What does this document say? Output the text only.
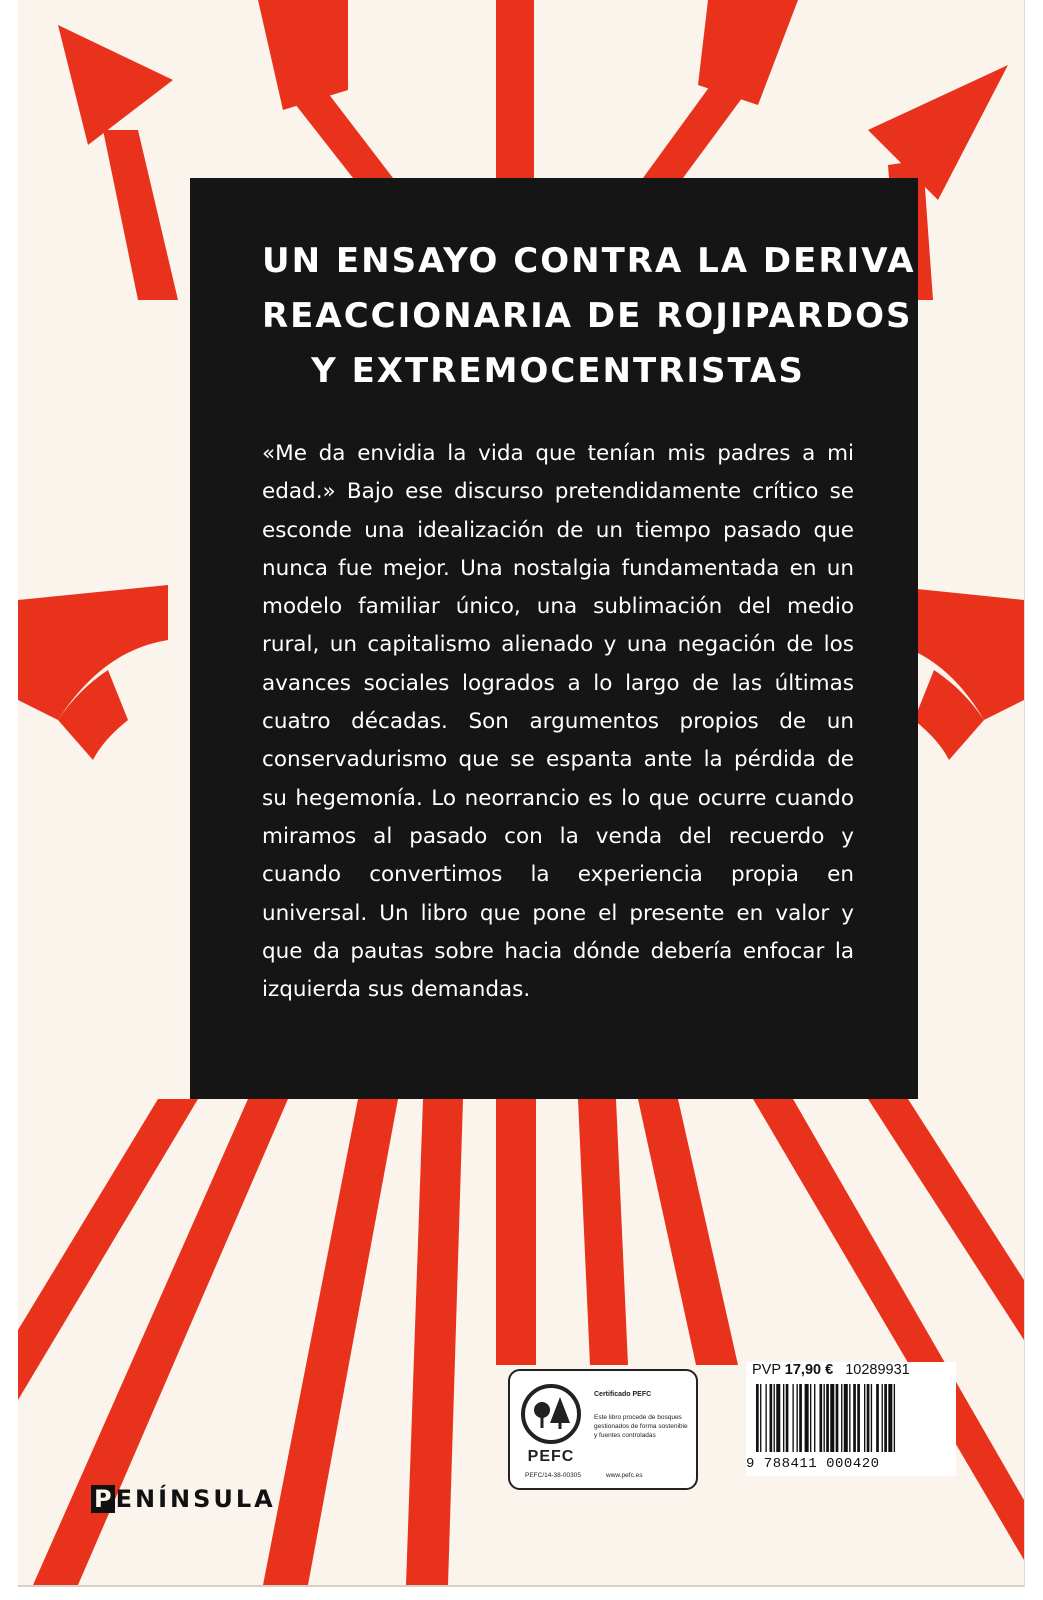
UN ENSAYO CONTRA LA DERIVA
REACCIONARIA DE ROJIPARDOS
Y EXTREMOCENTRISTAS

«Me da envidia la vida que tenían mis padres a mi edad.» Bajo ese discurso pretendidamente crítico se esconde una idealización de un tiempo pasado que nunca fue mejor. Una nostalgia fundamentada en un modelo familiar único, una sublimación del medio rural, un capitalismo alienado y una negación de los avances sociales logrados a lo largo de las últimas cuatro décadas. Son argumentos propios de un conservadurismo que se espanta ante la pérdida de su hegemonía. Lo neorrancio es lo que ocurre cuando miramos al pasado con la venda del recuerdo y cuando convertimos la experiencia propia en universal. Un libro que pone el presente en valor y que da pautas sobre hacia dónde debería enfocar la izquierda sus demandas.

P ENÍNSULA
PEFC
PEFC/14-38-00305
Certificado PEFC
Este libro procede de bosques gestionados de forma sostenible y fuentes controladas
www.pefc.es
PVP 17,90 € 10289931
9 788411 000420
